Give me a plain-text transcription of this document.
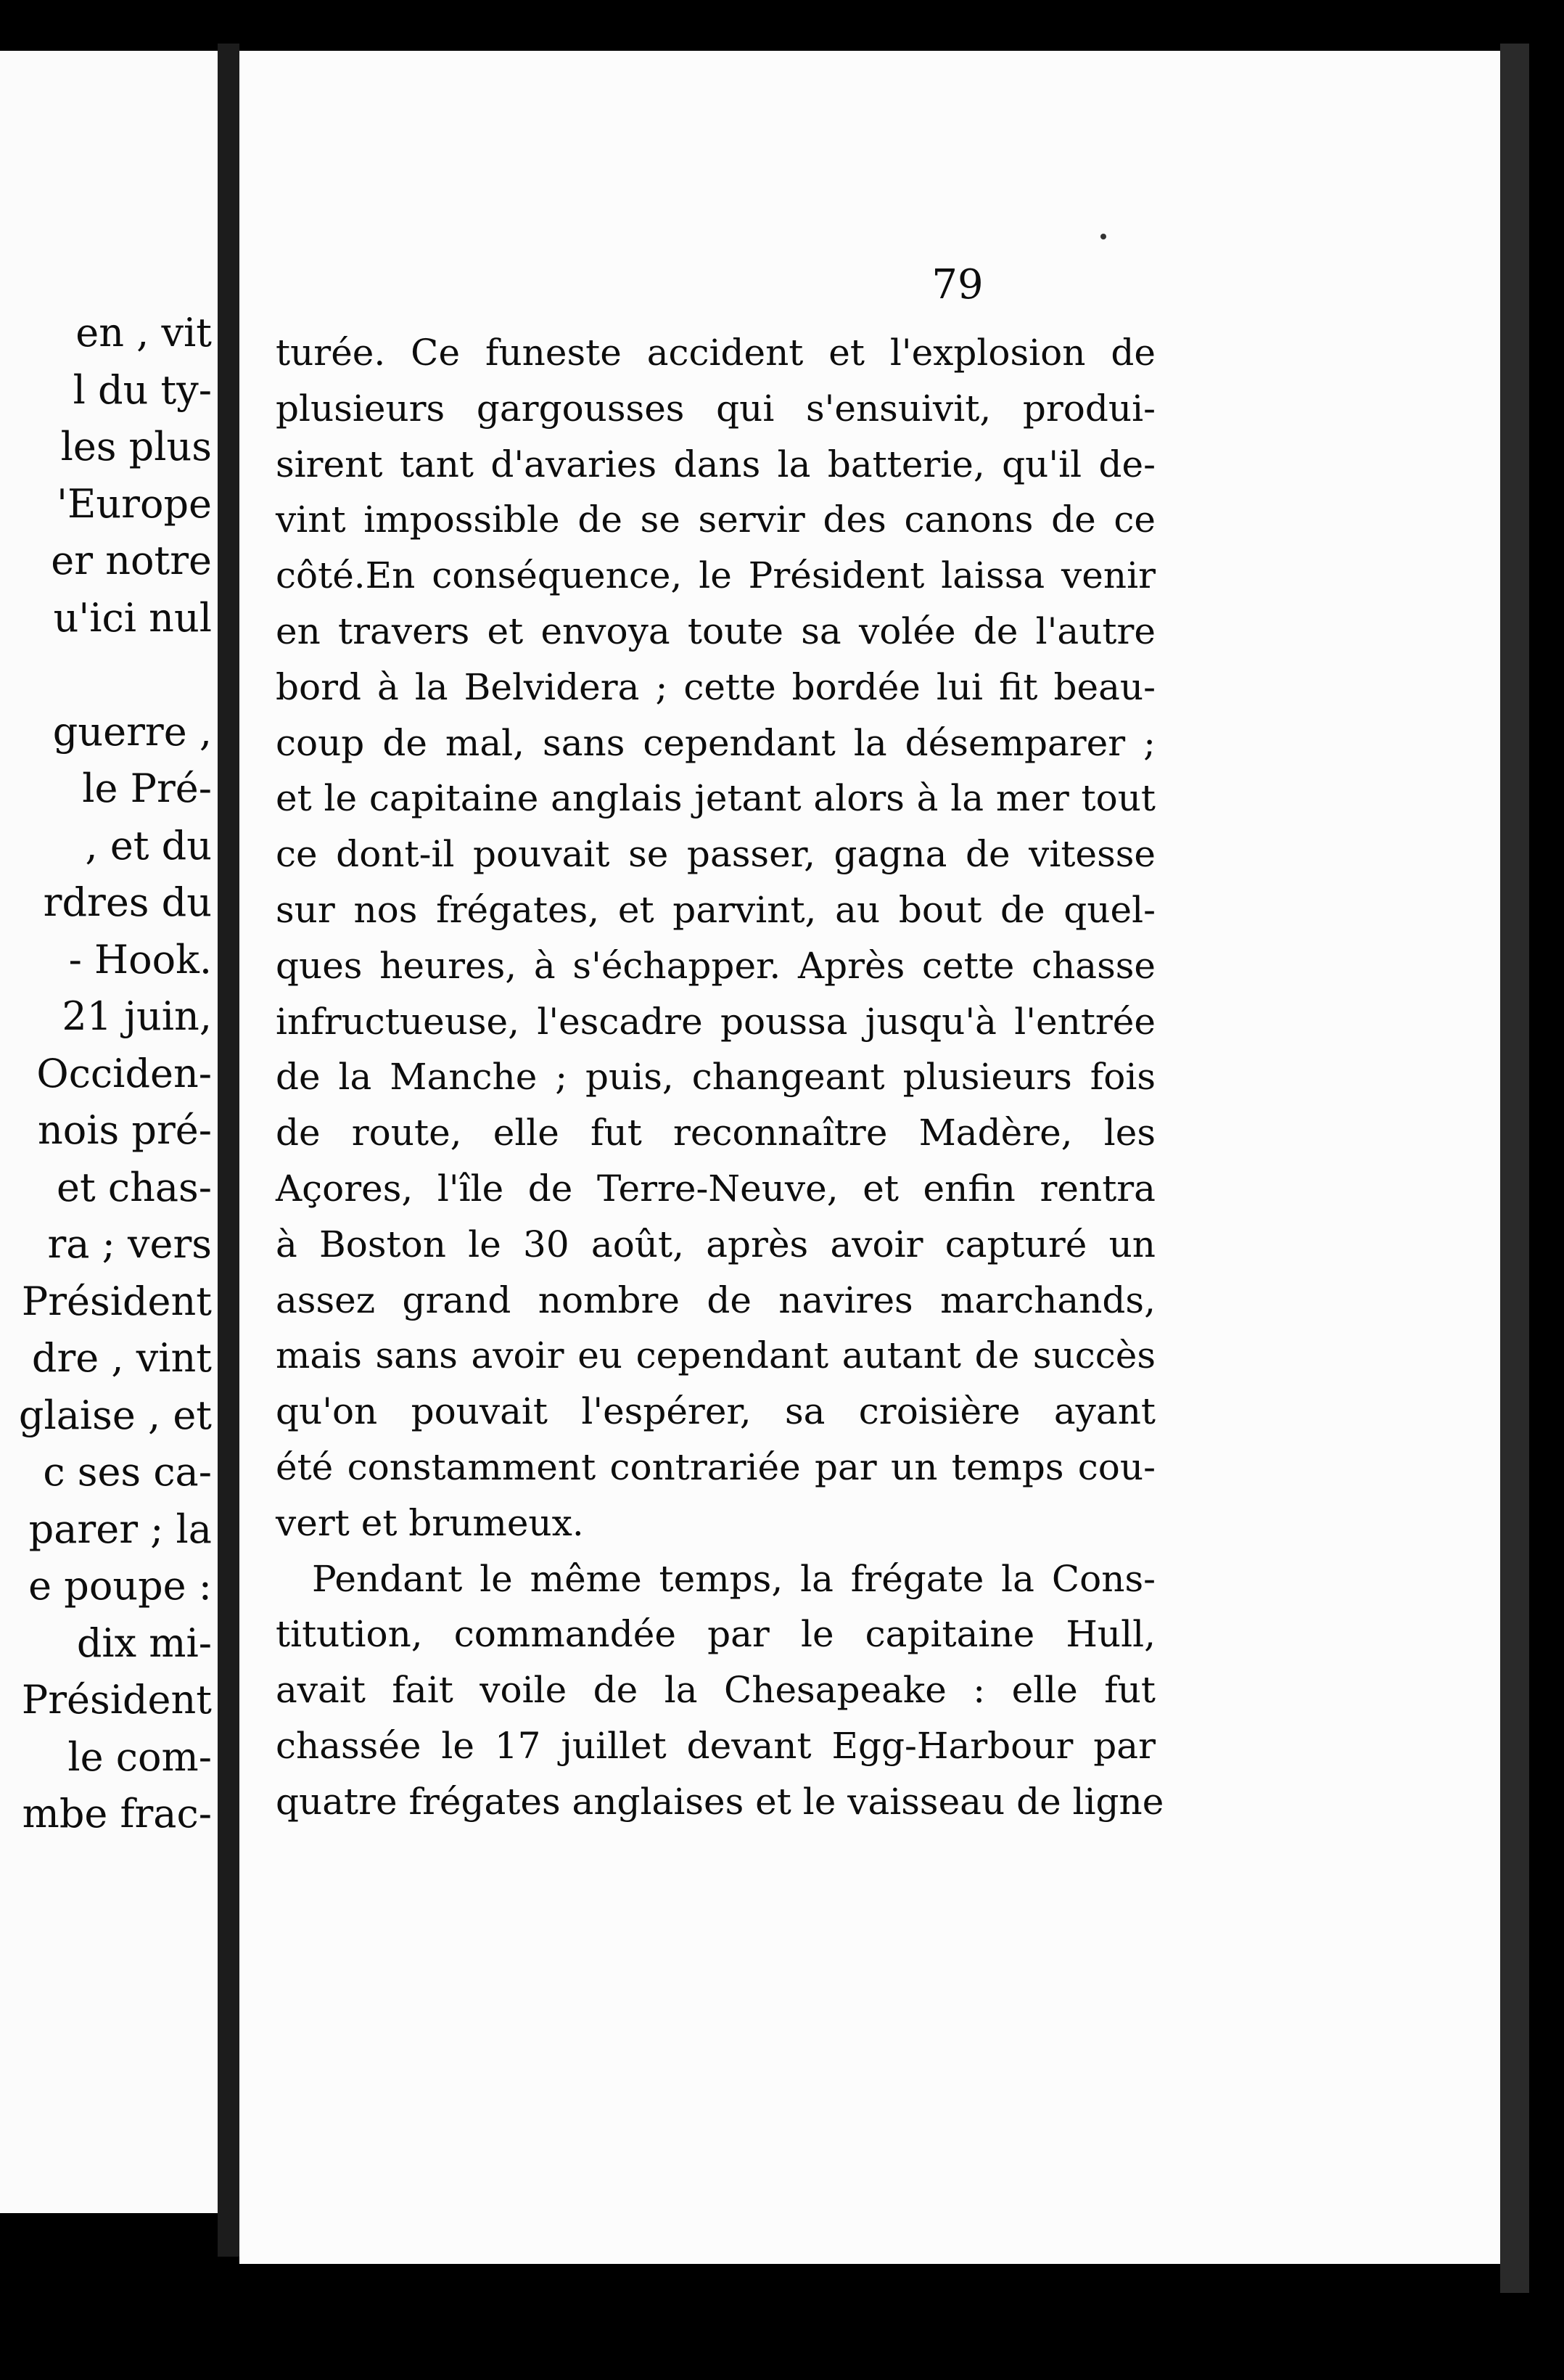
en , vit
l du ty-
les plus
'Europe
er notre
u'ici nul
guerre ,
le Pré-
, et du
rdres du
- Hook.
21 juin,
Occiden-
nois pré-
et chas-
ra ; vers
Président
dre , vint
glaise , et
c ses ca-
parer ; la
e poupe :
dix mi-
Président
le com-
mbe frac-
79
turée. Ce funeste accident et l'explosion de
plusieurs gargousses qui s'ensuivit, produi-
sirent tant d'avaries dans la batterie, qu'il de-
vint impossible de se servir des canons de ce
côté.En conséquence, le Président laissa venir
en travers et envoya toute sa volée de l'autre
bord à la Belvidera ; cette bordée lui fit beau-
coup de mal, sans cependant la désemparer ;
et le capitaine anglais jetant alors à la mer tout
ce dont-il pouvait se passer, gagna de vitesse
sur nos frégates, et parvint, au bout de quel-
ques heures, à s'échapper. Après cette chasse
infructueuse, l'escadre poussa jusqu'à l'entrée
de la Manche ; puis, changeant plusieurs fois
de route, elle fut reconnaître Madère, les
Açores, l'île de Terre-Neuve, et enfin rentra
à Boston le 30 août, après avoir capturé un
assez grand nombre de navires marchands,
mais sans avoir eu cependant autant de succès
qu'on pouvait l'espérer, sa croisière ayant
été constamment contrariée par un temps cou-
vert et brumeux.
Pendant le même temps, la frégate la Cons-
titution, commandée par le capitaine Hull,
avait fait voile de la Chesapeake : elle fut
chassée le 17 juillet devant Egg-Harbour par
quatre frégates anglaises et le vaisseau de ligne
